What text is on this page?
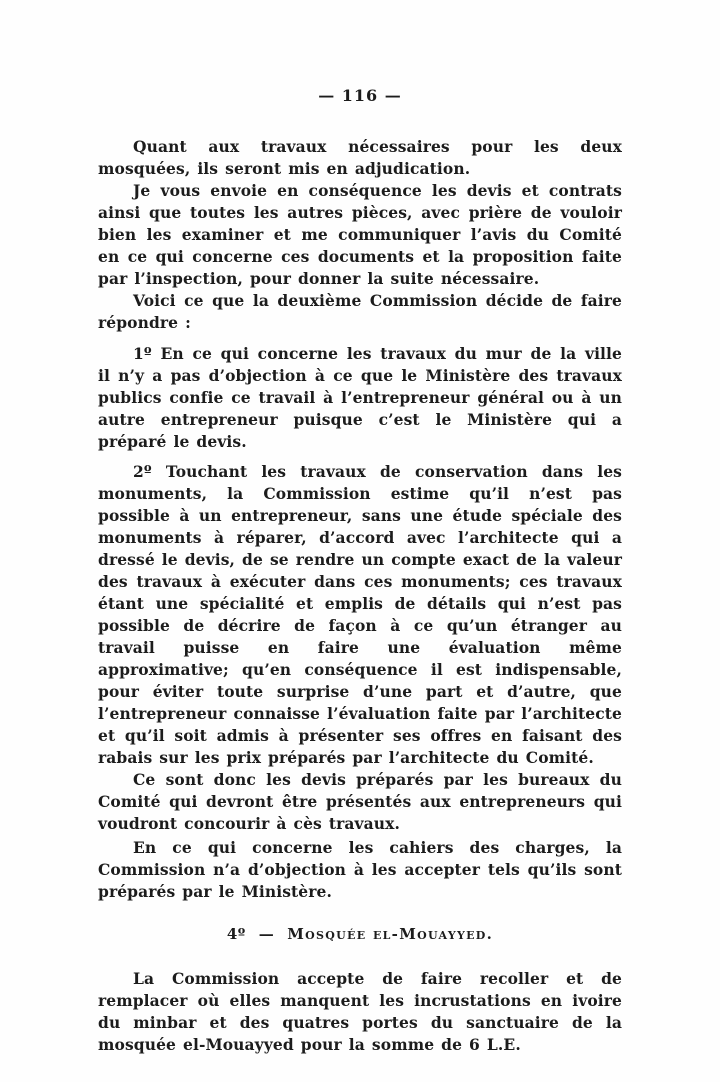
— 116 —

Quant aux travaux nécessaires pour les deux mosquées, ils seront mis en adjudication.

Je vous envoie en conséquence les devis et contrats ainsi que toutes les autres pièces, avec prière de vouloir bien les examiner et me communiquer l’avis du Comité en ce qui concerne ces documents et la proposition faite par l’inspection, pour donner la suite nécessaire.

Voici ce que la deuxième Commission décide de faire répondre :

1º En ce qui concerne les travaux du mur de la ville il n’y a pas d’objection à ce que le Ministère des travaux publics confie ce travail à l’entrepreneur général ou à un autre entrepreneur puisque c’est le Ministère qui a préparé le devis.

2º Touchant les travaux de conservation dans les monuments, la Commission estime qu’il n’est pas possible à un entrepreneur, sans une étude spéciale des monuments à réparer, d’accord avec l’architecte qui a dressé le devis, de se rendre un compte exact de la valeur des travaux à exécuter dans ces monuments; ces travaux étant une spécialité et emplis de détails qui n’est pas possible de décrire de façon à ce qu’un étranger au travail puisse en faire une évaluation même approximative; qu’en conséquence il est indispensable, pour éviter toute surprise d’une part et d’autre, que l’entrepreneur connaisse l’évaluation faite par l’architecte et qu’il soit admis à présenter ses offres en faisant des rabais sur les prix préparés par l’architecte du Comité.

Ce sont donc les devis préparés par les bureaux du Comité qui devront être présentés aux entrepreneurs qui voudront concourir à cès travaux.

En ce qui concerne les cahiers des charges, la Commission n’a d’objection à les accepter tels qu’ils sont préparés par le Ministère.

4º — Mosquée el-Mouayyed.

La Commission accepte de faire recoller et de remplacer où elles manquent les incrustations en ivoire du minbar et des quatres portes du sanctuaire de la mosquée el-Mouayyed pour la somme de 6 L.E.
